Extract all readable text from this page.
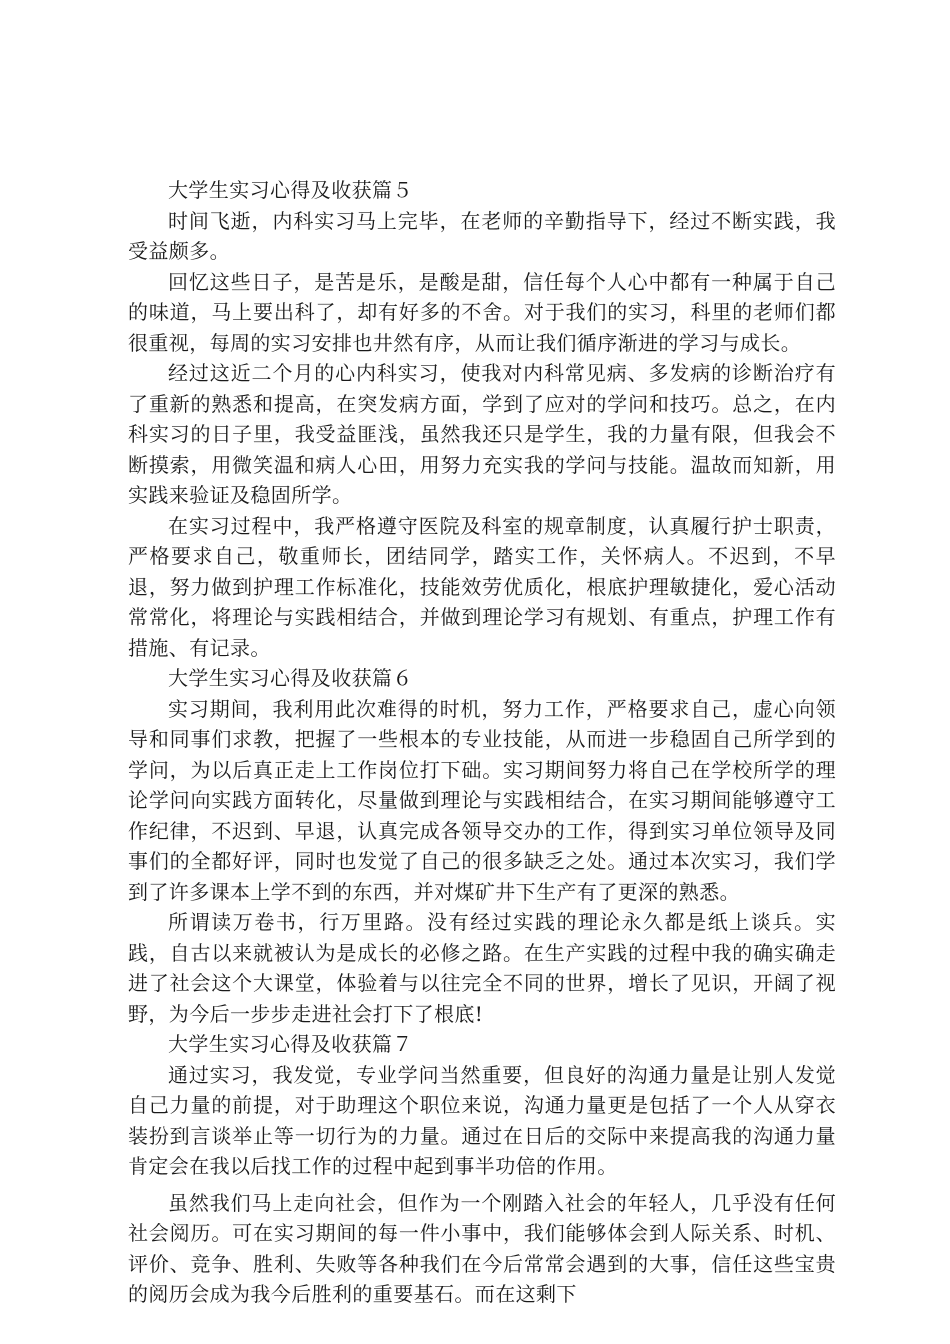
大学生实习心得及收获篇５

时间飞逝，内科实习马上完毕，在老师的辛勤指导下，经过不断实践，我受益颇多。

回忆这些日子，是苦是乐，是酸是甜，信任每个人心中都有一种属于自己的味道，马上要出科了，却有好多的不舍。对于我们的实习，科里的老师们都很重视，每周的实习安排也井然有序，从而让我们循序渐进的学习与成长。

经过这近二个月的心内科实习，使我对内科常见病、多发病的诊断治疗有了重新的熟悉和提高，在突发病方面，学到了应对的学问和技巧。总之，在内科实习的日子里，我受益匪浅，虽然我还只是学生，我的力量有限，但我会不断摸索，用微笑温和病人心田，用努力充实我的学问与技能。温故而知新，用实践来验证及稳固所学。

在实习过程中，我严格遵守医院及科室的规章制度，认真履行护士职责，严格要求自己，敬重师长，团结同学，踏实工作，关怀病人。不迟到，不早退，努力做到护理工作标准化，技能效劳优质化，根底护理敏捷化，爱心活动常常化，将理论与实践相结合，并做到理论学习有规划、有重点，护理工作有措施、有记录。

大学生实习心得及收获篇６

实习期间，我利用此次难得的时机，努力工作，严格要求自己，虚心向领导和同事们求教，把握了一些根本的专业技能，从而进一步稳固自己所学到的学问，为以后真正走上工作岗位打下础。实习期间努力将自己在学校所学的理论学问向实践方面转化，尽量做到理论与实践相结合，在实习期间能够遵守工作纪律，不迟到、早退，认真完成各领导交办的工作，得到实习单位领导及同事们的全都好评，同时也发觉了自己的很多缺乏之处。通过本次实习，我们学到了许多课本上学不到的东西，并对煤矿井下生产有了更深的熟悉。

所谓读万卷书，行万里路。没有经过实践的理论永久都是纸上谈兵。实践，自古以来就被认为是成长的必修之路。在生产实践的过程中我的确实确走进了社会这个大课堂，体验着与以往完全不同的世界，增长了见识，开阔了视野，为今后一步步走进社会打下了根底!

大学生实习心得及收获篇７

通过实习，我发觉，专业学问当然重要，但良好的沟通力量是让别人发觉自己力量的前提，对于助理这个职位来说，沟通力量更是包括了一个人从穿衣装扮到言谈举止等一切行为的力量。通过在日后的交际中来提高我的沟通力量肯定会在我以后找工作的过程中起到事半功倍的作用。

虽然我们马上走向社会，但作为一个刚踏入社会的年轻人，几乎没有任何社会阅历。可在实习期间的每一件小事中，我们能够体会到人际关系、时机、评价、竞争、胜利、失败等各种我们在今后常常会遇到的大事，信任这些宝贵的阅历会成为我今后胜利的重要基石。而在这剩下
